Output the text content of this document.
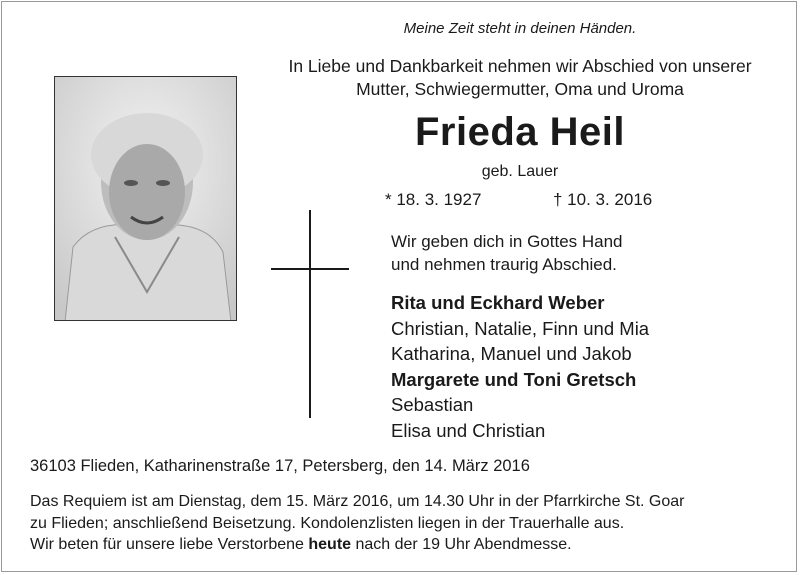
Meine Zeit steht in deinen Händen.
In Liebe und Dankbarkeit nehmen wir Abschied von unserer
Mutter, Schwiegermutter, Oma und Uroma
Frieda Heil
geb. Lauer
* 18. 3. 1927	† 10. 3. 2016
Wir geben dich in Gottes Hand
und nehmen traurig Abschied.
Rita und Eckhard Weber
Christian, Natalie, Finn und Mia
Katharina, Manuel und Jakob
Margarete und Toni Gretsch
Sebastian
Elisa und Christian
36103 Flieden, Katharinenstraße 17, Petersberg, den 14. März 2016
Das Requiem ist am Dienstag, dem 15. März 2016, um 14.30 Uhr in der Pfarrkirche St. Goar
zu Flieden; anschließend Beisetzung. Kondolenzlisten liegen in der Trauerhalle aus.
Wir beten für unsere liebe Verstorbene heute nach der 19 Uhr Abendmesse.
